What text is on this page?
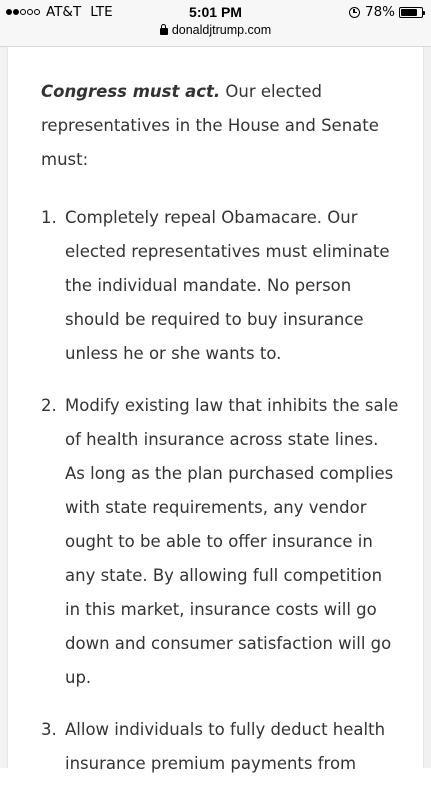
AT&T LTE	5:01 PM	78%
donaldjtrump.com

Congress must act. Our elected representatives in the House and Senate must:

1. Completely repeal Obamacare. Our elected representatives must eliminate the individual mandate. No person should be required to buy insurance unless he or she wants to.
2. Modify existing law that inhibits the sale of health insurance across state lines. As long as the plan purchased complies with state requirements, any vendor ought to be able to offer insurance in any state. By allowing full competition in this market, insurance costs will go down and consumer satisfaction will go up.
3. Allow individuals to fully deduct health insurance premium payments from
